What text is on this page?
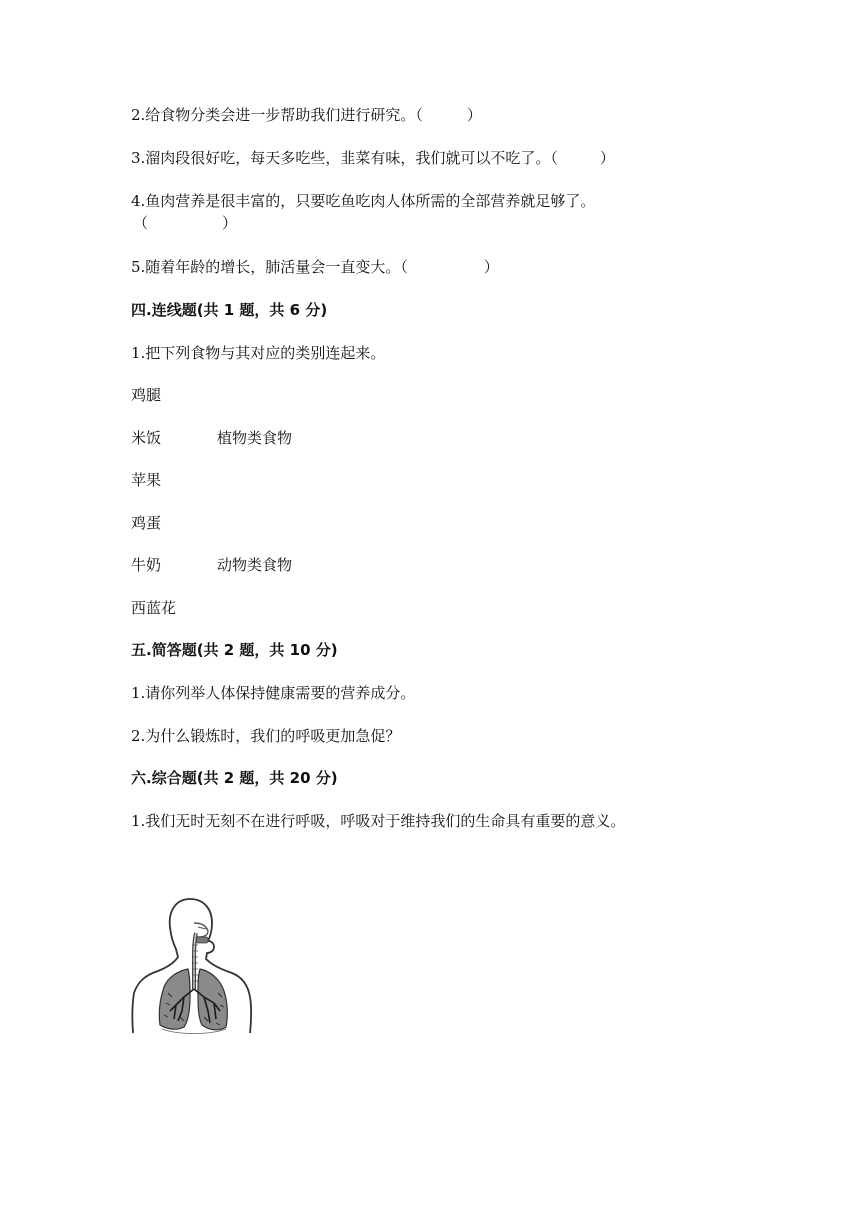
2.给食物分类会进一步帮助我们进行研究。（	）
3.溜肉段很好吃，每天多吃些，韭菜有味，我们就可以不吃了。（	）
4.鱼肉营养是很丰富的，只要吃鱼吃肉人体所需的全部营养就足够了。
（	）
5.随着年龄的增长，肺活量会一直变大。（	）
四.连线题(共 1 题，共 6 分)
1.把下列食物与其对应的类别连起来。
鸡腿
米饭	植物类食物
苹果
鸡蛋
牛奶	动物类食物
西蓝花
五.简答题(共 2 题，共 10 分)
1.请你列举人体保持健康需要的营养成分。
2.为什么锻炼时，我们的呼吸更加急促？
六.综合题(共 2 题，共 20 分)
1.我们无时无刻不在进行呼吸，呼吸对于维持我们的生命具有重要的意义。
